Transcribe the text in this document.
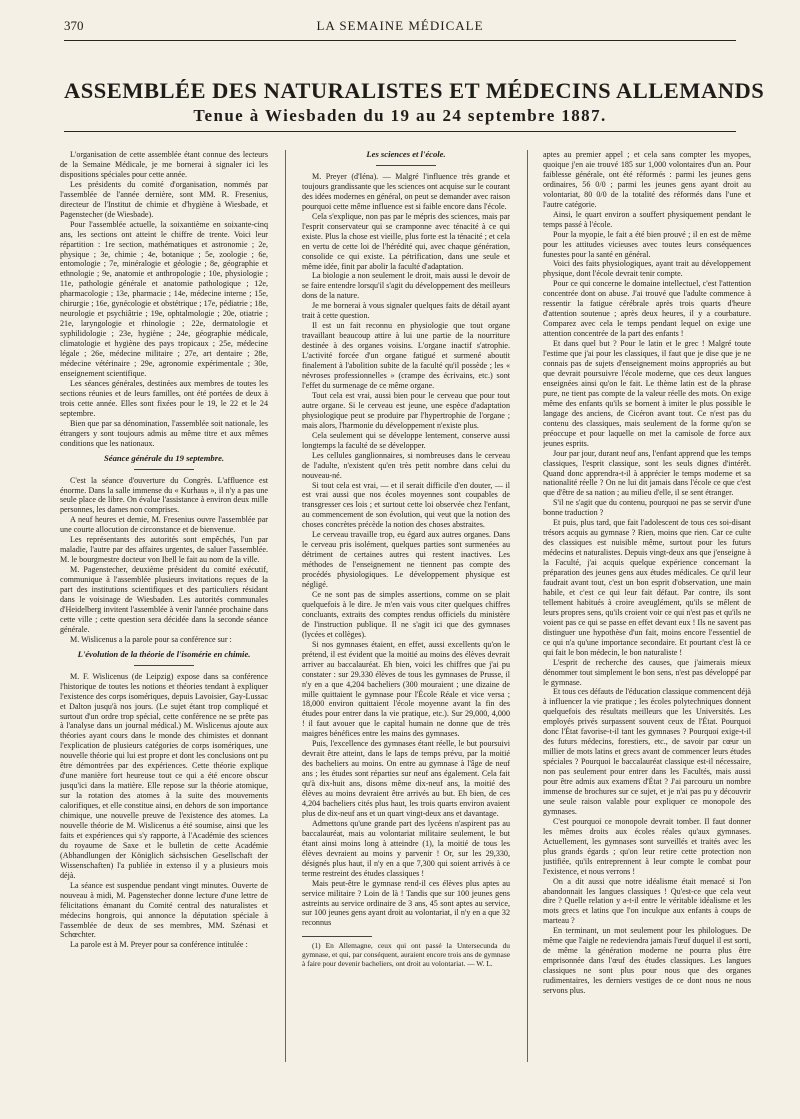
370	LA SEMAINE MÉDICALE
ASSEMBLÉE DES NATURALISTES ET MÉDECINS ALLEMANDS
Tenue à Wiesbaden du 19 au 24 septembre 1887.

L'organisation de cette assemblée étant connue des lecteurs de la Semaine Médicale, je me bornerai à signaler ici les dispositions spéciales pour cette année.

Les présidents du comité d'organisation, nommés par l'assemblée de l'année dernière, sont MM. R. Fresenius, directeur de l'Institut de chimie et d'hygiène à Wiesbade, et Pagenstecher (de Wiesbade).

Pour l'assemblée actuelle, la soixantième en soixante-cinq ans, les sections ont atteint le chiffre de trente. Voici leur répartition : 1re section, mathématiques et astronomie ; 2e, physique ; 3e, chimie ; 4e, botanique ; 5e, zoologie ; 6e, entomologie ; 7e, minéralogie et géologie ; 8e, géographie et ethnologie ; 9e, anatomie et anthropologie ; 10e, physiologie ; 11e, pathologie générale et anatomie pathologique ; 12e, pharmacologie ; 13e, pharmacie ; 14e, médecine interne ; 15e, chirurgie ; 16e, gynécologie et obstétrique ; 17e, pédiatrie ; 18e, neurologie et psychiâtrie ; 19e, ophtalmologie ; 20e, otiatrie ; 21e, laryngologie et rhinologie ; 22e, dermatologie et syphilidologie ; 23e, hygiène ; 24e, géographie médicale, climatologie et hygiène des pays tropicaux ; 25e, médecine légale ; 26e, médecine militaire ; 27e, art dentaire ; 28e, médecine vétérinaire ; 29e, agronomie expérimentale ; 30e, enseignement scientifique.

Les séances générales, destinées aux membres de toutes les sections réunies et de leurs familles, ont été portées de deux à trois cette année. Elles sont fixées pour le 19, le 22 et le 24 septembre.

Bien que par sa dénomination, l'assemblée soit nationale, les étrangers y sont toujours admis au même titre et aux mêmes conditions que les nationaux.

Séance générale du 19 septembre.

C'est la séance d'ouverture du Congrès. L'affluence est énorme. Dans la salle immense du « Kurhaus », il n'y a pas une seule place de libre. On évalue l'assistance à environ deux mille personnes, les dames non comprises.

A neuf heures et demie, M. Fresenius ouvre l'assemblée par une courte allocution de circonstance et de bienvenue.

Les représentants des autorités sont empêchés, l'un par maladie, l'autre par des affaires urgentes, de saluer l'assemblée. M. le bourgmestre docteur von Ibell le fait au nom de la ville.

M. Pagenstecher, deuxième président du comité exécutif, communique à l'assemblée plusieurs invitations reçues de la part des institutions scientifiques et des particuliers résidant dans le voisinage de Wiesbaden. Les autorités communales d'Heidelberg invitent l'assemblée à venir l'année prochaine dans cette ville ; cette question sera décidée dans la seconde séance générale.

M. Wislicenus a la parole pour sa conférence sur :

L'évolution de la théorie de l'isomérie en chimie.

M. F. Wislicenus (de Leipzig) expose dans sa conférence l'historique de toutes les notions et théories tendant à expliquer l'existence des corps isomériques, depuis Lavoisier, Gay-Lussac et Dalton jusqu'à nos jours. (Le sujet étant trop compliqué et surtout d'un ordre trop spécial, cette conférence ne se prête pas à l'analyse dans un journal médical.) M. Wislicenus ajoute aux théories ayant cours dans le monde des chimistes et donnant l'explication de plusieurs catégories de corps isomériques, une nouvelle théorie qui lui est propre et dont les conclusions ont pu être démontrées par des expériences. Cette théorie explique d'une manière fort heureuse tout ce qui a été encore obscur jusqu'ici dans la matière. Elle repose sur la théorie atomique, sur la rotation des atomes à la suite des mouvements calorifiques, et elle constitue ainsi, en dehors de son importance chimique, une nouvelle preuve de l'existence des atomes. La nouvelle théorie de M. Wislicenus a été soumise, ainsi que les faits et expériences qui s'y rapporte, à l'Académie des sciences du royaume de Saxe et le bulletin de cette Académie (Abhandlungen der Königlich sächsischen Gesellschaft der Wissenschaften) l'a publiée in extenso il y a plusieurs mois déjà.

La séance est suspendue pendant vingt minutes. Ouverte de nouveau à midi, M. Pagenstecher donne lecture d'une lettre de félicitations émanant du Comité central des naturalistes et médecins hongrois, qui annonce la députation spéciale à l'assemblée de deux de ses membres, MM. Szénasi et Schœchter.

La parole est à M. Preyer pour sa conférence intitulée :

Les sciences et l'école.

M. Preyer (d'Iéna). — Malgré l'influence très grande et toujours grandissante que les sciences ont acquise sur le courant des idées modernes en général, on peut se demander avec raison pourquoi cette même influence est si faible encore dans l'école.

Cela s'explique, non pas par le mépris des sciences, mais par l'esprit conservateur qui se cramponne avec ténacité à ce qui existe. Plus la chose est vieille, plus forte est la ténacité ; et cela en vertu de cette loi de l'hérédité qui, avec chaque génération, consolide ce qui existe. La pétrification, dans une seule et même idée, finit par abolir la faculté d'adaptation.

La biologie a non seulement le droit, mais aussi le devoir de se faire entendre lorsqu'il s'agit du développement des meilleurs dons de la nature.

Je me bornerai à vous signaler quelques faits de détail ayant trait à cette question.

Il est un fait reconnu en physiologie que tout organe travaillant beaucoup attire à lui une partie de la nourriture destinée à des organes voisins. L'organe inactif s'atrophie. L'activité forcée d'un organe fatigué et surmené aboutit finalement à l'abolition subite de la faculté qu'il possède ; les « névroses professionnelles » (crampe des écrivains, etc.) sont l'effet du surmenage de ce même organe.

Tout cela est vrai, aussi bien pour le cerveau que pour tout autre organe. Si le cerveau est jeune, une espèce d'adaptation physiologique peut se produire par l'hypertrophie de l'organe ; mais alors, l'harmonie du développement n'existe plus.

Cela seulement qui se développe lentement, conserve aussi longtemps la faculté de se développer.

Les cellules ganglionnaires, si nombreuses dans le cerveau de l'adulte, n'existent qu'en très petit nombre dans celui du nouveau-né.

Si tout cela est vrai, — et il serait difficile d'en douter, — il est vrai aussi que nos écoles moyennes sont coupables de transgresser ces lois ; et surtout cette loi observée chez l'enfant, au commencement de son évolution, qui veut que la notion des choses concrètes précède la notion des choses abstraites.

Le cerveau travaille trop, eu égard aux autres organes. Dans le cerveau pris isolément, quelques parties sont surmenées au détriment de certaines autres qui restent inactives. Les méthodes de l'enseignement ne tiennent pas compte des procédés physiologiques. Le développement physique est négligé.

Ce ne sont pas de simples assertions, comme on se plait quelquefois à le dire. Je m'en vais vous citer quelques chiffres concluants, extraits des comptes rendus officiels du ministère de l'instruction publique. Il ne s'agit ici que des gymnases (lycées et collèges).

Si nos gymnases étaient, en effet, aussi excellents qu'on le prétend, il est évident que la moitié au moins des élèves devrait arriver au baccalauréat. Eh bien, voici les chiffres que j'ai pu constater : sur 29.330 élèves de tous les gymnases de Prusse, il n'y en a que 4,204 bacheliers (300 mouraient ; une dizaine de mille quittaient le gymnase pour l'École Réale et vice versa ; 18,000 environ quittaient l'école moyenne avant la fin des études pour entrer dans la vie pratique, etc.). Sur 29,000, 4,000 ! il faut avouer que le capital humain ne donne que de très maigres bénéfices entre les mains des gymnases.

Puis, l'excellence des gymnases étant réelle, le but poursuivi devrait être atteint, dans le laps de temps prévu, par la moitié des bacheliers au moins. On entre au gymnase à l'âge de neuf ans ; les études sont réparties sur neuf ans également. Cela fait qu'à dix-huit ans, disons même dix-neuf ans, la moitié des élèves au moins devraient être arrivés au but. Eh bien, de ces 4,204 bacheliers cités plus haut, les trois quarts environ avaient plus de dix-neuf ans et un quart vingt-deux ans et davantage.

Admettons qu'une grande part des lycéens n'aspirent pas au baccalauréat, mais au volontariat militaire seulement, le but étant ainsi moins long à atteindre (1), la moitié de tous les élèves devraient au moins y parvenir ! Or, sur les 29,330, désignés plus haut, il n'y en a que 7,300 qui soient arrivés à ce terme restreint des études classiques !

Mais peut-être le gymnase rend-il ces élèves plus aptes au service militaire ? Loin de là ! Tandis que sur 100 jeunes gens astreints au service ordinaire de 3 ans, 45 sont aptes au service, sur 100 jeunes gens ayant droit au volontariat, il n'y en a que 32 reconnus

(1) En Allemagne, ceux qui ont passé la Untersecunda du gymnase, et qui, par conséquent, auraient encore trois ans de gymnase à faire pour devenir bacheliers, ont droit au volontariat. — W. L.

aptes au premier appel ; et cela sans compter les myopes, quoique j'en aie trouvé 185 sur 1,000 volontaires d'un an. Pour faiblesse générale, ont été réformés : parmi les jeunes gens ordinaires, 56 0/0 ; parmi les jeunes gens ayant droit au volontariat, 80 0/0 de la totalité des réformés dans l'une et l'autre catégorie.

Ainsi, le quart environ a souffert physiquement pendant le temps passé à l'école.

Pour la myopie, le fait a été bien prouvé ; il en est de même pour les attitudes vicieuses avec toutes leurs conséquences funestes pour la santé en général.

Voici des faits physiologiques, ayant trait au développement physique, dont l'école devrait tenir compte.

Pour ce qui concerne le domaine intellectuel, c'est l'attention concentrée dont on abuse. J'ai trouvé que l'adulte commence à ressentir la fatigue cérébrale après trois quarts d'heure d'attention soutenue ; après deux heures, il y a courbature. Comparez avec cela le temps pendant lequel on exige une attention concentrée de la part des enfants !

Et dans quel but ? Pour le latin et le grec ! Malgré toute l'estime que j'ai pour les classiques, il faut que je dise que je ne connais pas de sujets d'enseignement moins appropriés au but que devrait poursuivre l'école moderne, que ces deux langues enseignées ainsi qu'on le fait. Le thème latin est de la phrase pure, ne tient pas compte de la valeur réelle des mots. On exige même des enfants qu'ils se bornent à imiter le plus possible le langage des anciens, de Cicéron avant tout. Ce n'est pas du contenu des classiques, mais seulement de la forme qu'on se préoccupe et pour laquelle on met la camisole de force aux jeunes esprits.

Jour par jour, durant neuf ans, l'enfant apprend que les temps classiques, l'esprit classique, sont les seuls dignes d'intérêt. Quand donc apprendra-t-il à apprécier le temps moderne et sa nationalité réelle ? On ne lui dit jamais dans l'école ce que c'est que d'être de sa nation ; au milieu d'elle, il se sent étranger.

S'il ne s'agit que du contenu, pourquoi ne pas se servir d'une bonne traduction ?

Et puis, plus tard, que fait l'adolescent de tous ces soi-disant trésors acquis au gymnase ? Rien, moins que rien. Car ce culte des classiques est nuisible même, surtout pour les futurs médecins et naturalistes. Depuis vingt-deux ans que j'enseigne à la Faculté, j'ai acquis quelque expérience concernant la préparation des jeunes gens aux études médicales. Ce qu'il leur faudrait avant tout, c'est un bon esprit d'observation, une main habile, et c'est ce qui leur fait défaut. Par contre, ils sont tellement habitués à croire aveuglément, qu'ils se mêlent de leurs propres sens, qu'ils croient voir ce qui n'est pas et qu'ils ne voient pas ce qui se passe en effet devant eux ! Ils ne savent pas distinguer une hypothèse d'un fait, moins encore l'essentiel de ce qui n'a qu'une importance secondaire. Et pourtant c'est là ce qui fait le bon médecin, le bon naturaliste !

L'esprit de recherche des causes, que j'aimerais mieux dénommer tout simplement le bon sens, n'est pas développé par le gymnase.

Et tous ces défauts de l'éducation classique commencent déjà à influencer la vie pratique ; les écoles polytechniques donnent quelquefois des résultats meilleurs que les Universités. Les employés privés surpassent souvent ceux de l'État. Pourquoi donc l'État favorise-t-il tant les gymnases ? Pourquoi exige-t-il des futurs médecins, forestiers, etc., de savoir par cœur un millier de mots latins et grecs avant de commencer leurs études spéciales ? Pourquoi le baccalauréat classique est-il nécessaire, non pas seulement pour entrer dans les Facultés, mais aussi pour être admis aux examens d'État ? J'ai parcouru un nombre immense de brochures sur ce sujet, et je n'ai pas pu y découvrir une seule raison valable pour expliquer ce monopole des gymnases.

C'est pourquoi ce monopole devrait tomber. Il faut donner les mêmes droits aux écoles réales qu'aux gymnases. Actuellement, les gymnases sont surveillés et traités avec les plus grands égards ; qu'on leur retire cette protection non justifiée, qu'ils entreprennent à leur compte le combat pour l'existence, et nous verrons !

On a dit aussi que notre idéalisme était menacé si l'on abandonnait les langues classiques ! Qu'est-ce que cela veut dire ? Quelle relation y a-t-il entre le véritable idéalisme et les mots grecs et latins que l'on inculque aux enfants à coups de marteau ?

En terminant, un mot seulement pour les philologues. De même que l'aigle ne redeviendra jamais l'œuf duquel il est sorti, de même la génération moderne ne pourra plus être emprisonnée dans l'œuf des études classiques. Les langues classiques ne sont plus pour nous que des organes rudimentaires, les derniers vestiges de ce dont nous ne nous servons plus.
